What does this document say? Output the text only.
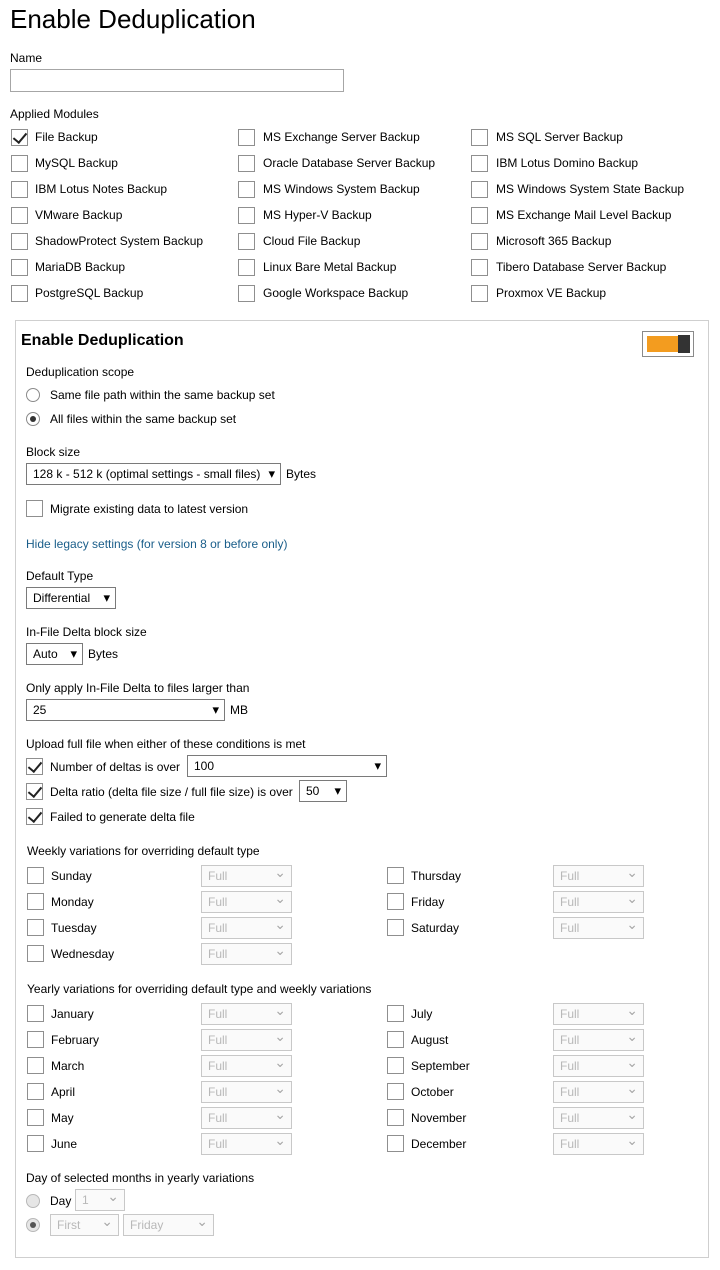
Enable Deduplication
Name
Applied Modules
File Backup	MS Exchange Server Backup	MS SQL Server Backup
MySQL Backup	Oracle Database Server Backup	IBM Lotus Domino Backup
IBM Lotus Notes Backup	MS Windows System Backup	MS Windows System State Backup
VMware Backup	MS Hyper-V Backup	MS Exchange Mail Level Backup
ShadowProtect System Backup	Cloud File Backup	Microsoft 365 Backup
MariaDB Backup	Linux Bare Metal Backup	Tibero Database Server Backup
PostgreSQL Backup	Google Workspace Backup	Proxmox VE Backup
Enable Deduplication
Deduplication scope
Same file path within the same backup set
All files within the same backup set
Block size
128 k - 512 k (optimal settings - small files) ▾	Bytes
Migrate existing data to latest version
Hide legacy settings (for version 8 or before only)
Default Type
Differential ▾
In-File Delta block size
Auto ▾	Bytes
Only apply In-File Delta to files larger than
25 ▾	MB
Upload full file when either of these conditions is met
Number of deltas is over	100 ▾
Delta ratio (delta file size / full file size) is over	50 ▾
Failed to generate delta file
Weekly variations for overriding default type
Sunday	Full ⌄
Monday	Full ⌄
Tuesday	Full ⌄
Wednesday	Full ⌄
Thursday	Full ⌄
Friday	Full ⌄
Saturday	Full ⌄
Yearly variations for overriding default type and weekly variations
January	Full ⌄
February	Full ⌄
March	Full ⌄
April	Full ⌄
May	Full ⌄
June	Full ⌄
July	Full ⌄
August	Full ⌄
September	Full ⌄
October	Full ⌄
November	Full ⌄
December	Full ⌄
Day of selected months in yearly variations
Day 1 ⌄
First ⌄	Friday ⌄
